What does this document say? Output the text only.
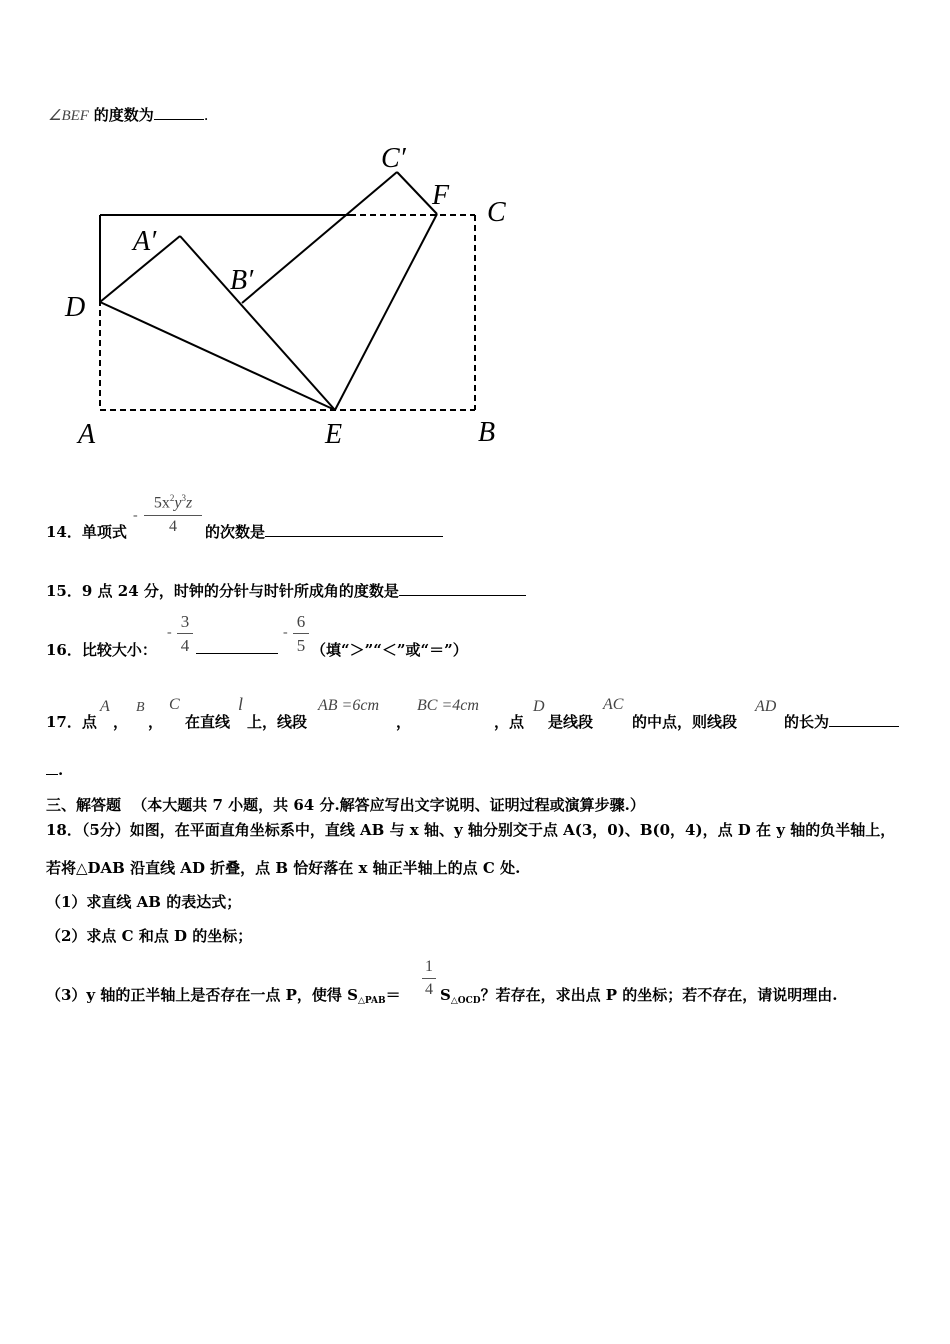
∠BEF 的度数为	.
C′
F
C
A′
B′
D
A	E	B
14．单项式
-
$5x^2y^3z$
4	的次数是
15．9 点 24 分，时钟的分针与时针所成角的度数是
16．比较大小：
-
3
4
-
6
5 （填“＞”“＜”或“＝”）
17．点
A
，
B
，
C
在直线
l
上，线段
AB =6cm
，
BC =4cm
，点
D
是线段
AC
的中点，则线段
AD
的长为
.
三、解答题 （本大题共 7 小题，共 64 分.解答应写出文字说明、证明过程或演算步骤.）
18．（5分）如图，在平面直角坐标系中，直线 AB 与 x 轴、y 轴分别交于点 A(3，0)、B(0，4)，点 D 在 y 轴的负半轴上，
若将△DAB 沿直线 AD 折叠，点 B 恰好落在 x 轴正半轴上的点 C 处.
（1）求直线 AB 的表达式；
（2）求点 C 和点 D 的坐标；
（3）y 轴的正半轴上是否存在一点 P，使得 $S_{\triangle PAB}=$
1
4 $S_{\triangle OCD}$？若存在，求出点 P 的坐标；若不存在，请说明理由.
